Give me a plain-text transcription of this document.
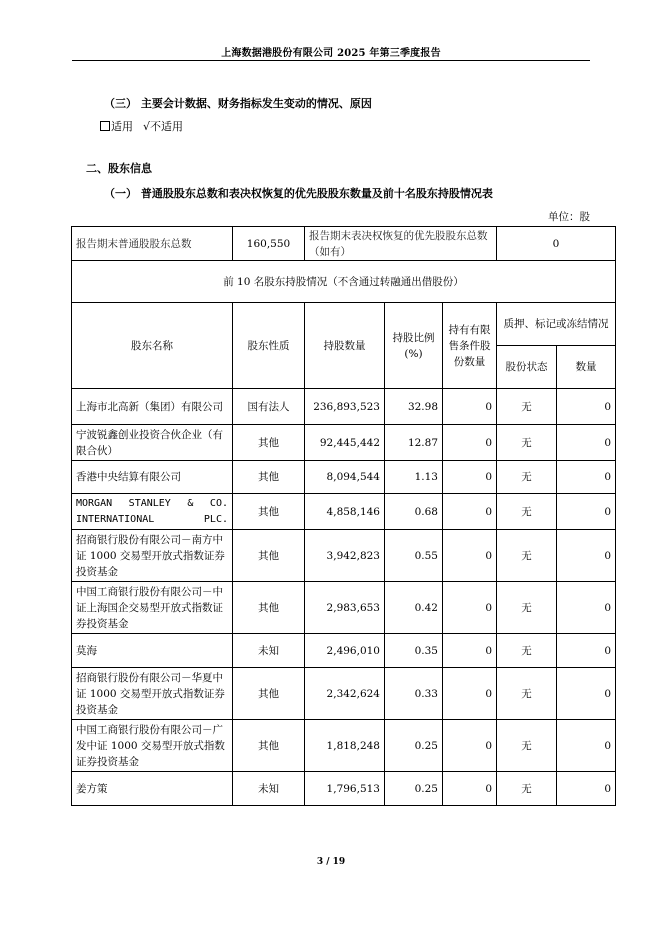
上海数据港股份有限公司 2025 年第三季度报告
（三） 主要会计数据、财务指标发生变动的情况、原因
适用 √不适用
二、股东信息
（一） 普通股股东总数和表决权恢复的优先股股东数量及前十名股东持股情况表
单位：股
报告期末普通股股东总数	160,550	报告期末表决权恢复的优先股股东总数（如有）			0	
前 10 名股东持股情况（不含通过转融通出借股份）						
股东名称	股东性质	持股数量	持股比例(%)	持有有限售条件股份数量	质押、标记或冻结情况	
					股份状态	数量
上海市北高新（集团）有限公司	国有法人	236,893,523	32.98	0	无	0
宁波锐鑫创业投资合伙企业（有限合伙）	其他	92,445,442	12.87	0	无	0
香港中央结算有限公司	其他	8,094,544	1.13	0	无	0
MORGAN STANLEY & CO. INTERNATIONAL PLC.	其他	4,858,146	0.68	0	无	0
招商银行股份有限公司－南方中证 1000 交易型开放式指数证券投资基金	其他	3,942,823	0.55	0	无	0
中国工商银行股份有限公司－中证上海国企交易型开放式指数证券投资基金	其他	2,983,653	0.42	0	无	0
莫海	未知	2,496,010	0.35	0	无	0
招商银行股份有限公司－华夏中证 1000 交易型开放式指数证券投资基金	其他	2,342,624	0.33	0	无	0
中国工商银行股份有限公司－广发中证 1000 交易型开放式指数证券投资基金	其他	1,818,248	0.25	0	无	0
姜方策	未知	1,796,513	0.25	0	无	0
3 / 19
